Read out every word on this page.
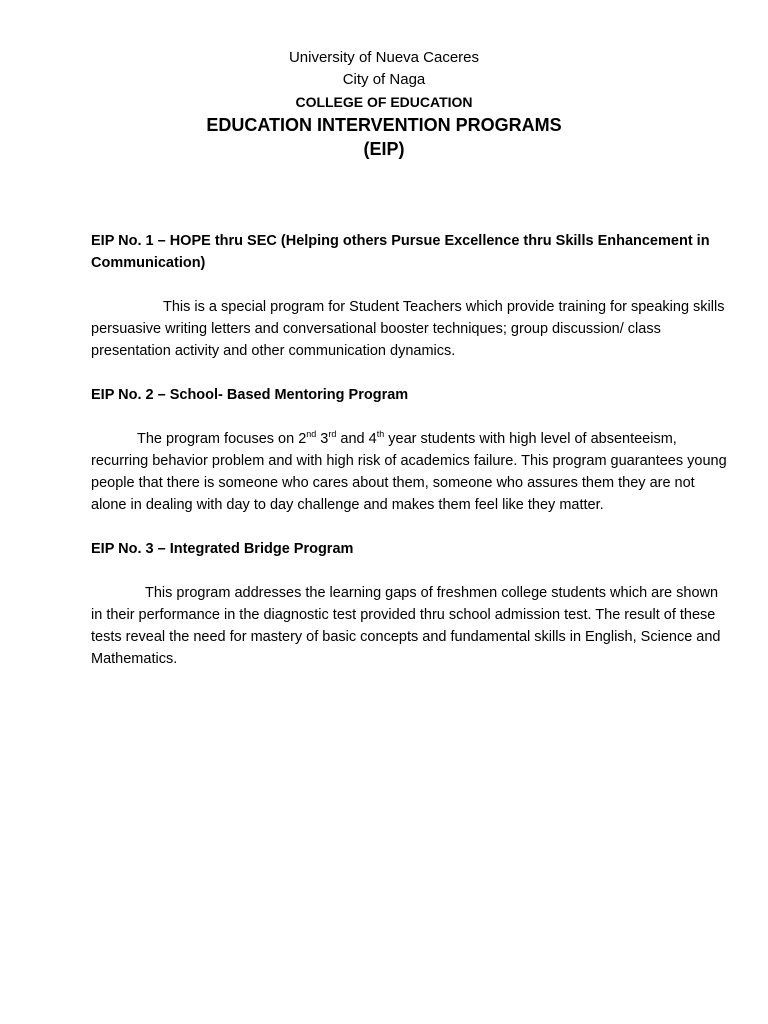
University of Nueva Caceres
City of Naga
COLLEGE OF EDUCATION
EDUCATION INTERVENTION PROGRAMS
(EIP)

EIP No. 1 – HOPE thru SEC (Helping others Pursue Excellence thru Skills Enhancement in Communication)

This is a special program for Student Teachers which provide training for speaking skills persuasive writing letters and conversational booster techniques; group discussion/ class presentation activity and other communication dynamics.

EIP No. 2 – School- Based Mentoring Program

The program focuses on 2nd 3rd and 4th year students with high level of absenteeism, recurring behavior problem and with high risk of academics failure. This program guarantees young people that there is someone who cares about them, someone who assures them they are not alone in dealing with day to day challenge and makes them feel like they matter.

EIP No. 3 – Integrated Bridge Program

This program addresses the learning gaps of freshmen college students which are shown in their performance in the diagnostic test provided thru school admission test. The result of these tests reveal the need for mastery of basic concepts and fundamental skills in English, Science and Mathematics.
